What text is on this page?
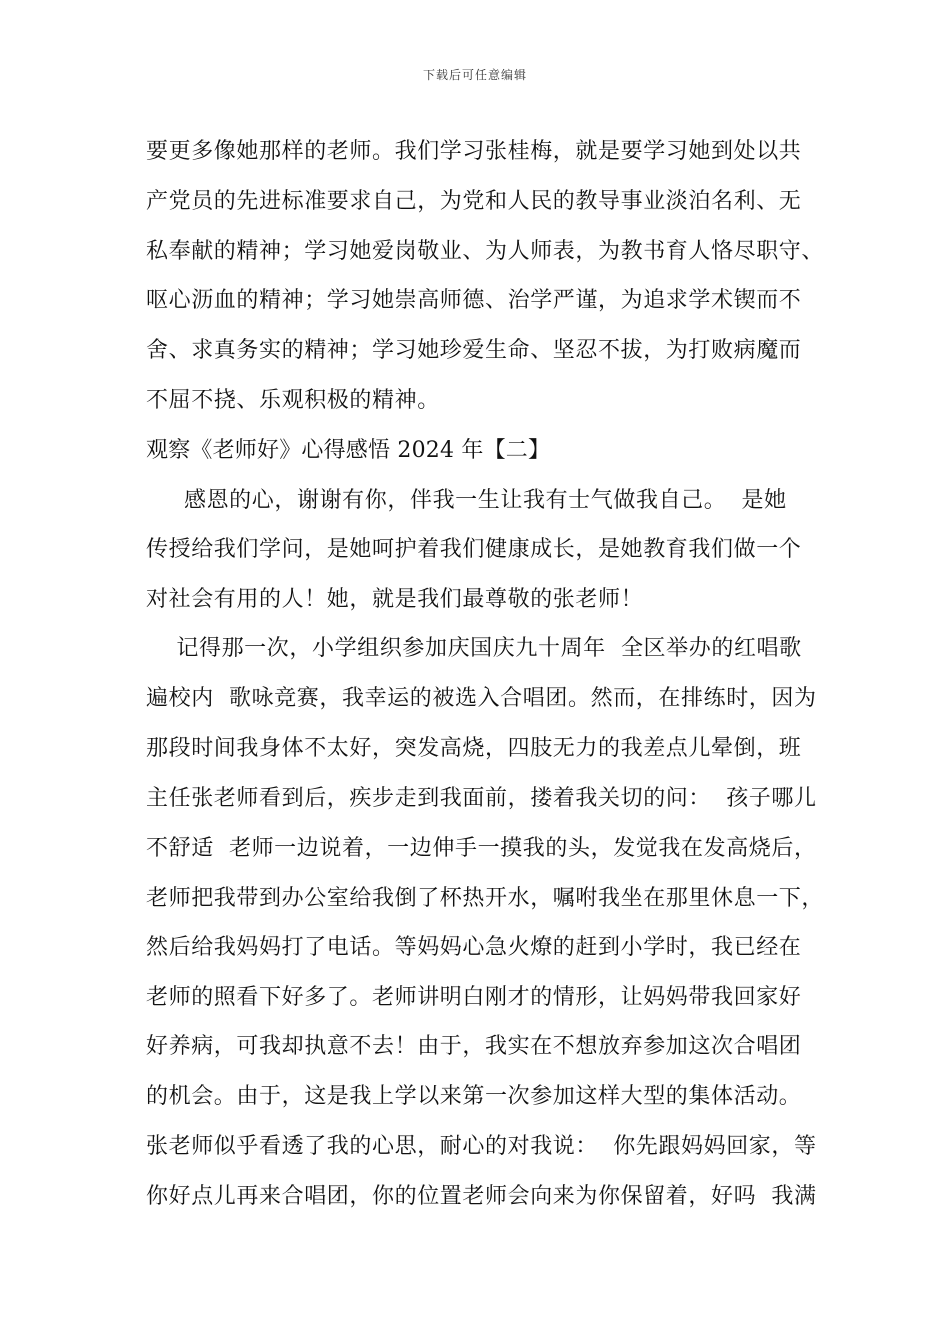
下载后可任意编辑
要更多像她那样的老师。我们学习张桂梅，就是要学习她到处以共
产党员的先进标准要求自己，为党和人民的教导事业淡泊名利、无
私奉献的精神；学习她爱岗敬业、为人师表，为教书育人恪尽职守、
呕心沥血的精神；学习她崇高师德、治学严谨，为追求学术锲而不
舍、求真务实的精神；学习她珍爱生命、坚忍不拔，为打败病魔而
不屈不挠、乐观积极的精神。
观察《老师好》心得感悟 2024 年【二】
感恩的心，谢谢有你，伴我一生让我有士气做我自己。  是她
传授给我们学问，是她呵护着我们健康成长，是她教育我们做一个
对社会有用的人！她，就是我们最尊敬的张老师！
记得那一次，小学组织参加庆国庆九十周年  全区举办的红唱歌
遍校内  歌咏竞赛，我幸运的被选入合唱团。然而，在排练时，因为
那段时间我身体不太好，突发高烧，四肢无力的我差点儿晕倒，班
主任张老师看到后，疾步走到我面前，搂着我关切的问：  孩子哪儿
不舒适  老师一边说着，一边伸手一摸我的头，发觉我在发高烧后，
老师把我带到办公室给我倒了杯热开水，嘱咐我坐在那里休息一下，
然后给我妈妈打了电话。等妈妈心急火燎的赶到小学时，我已经在
老师的照看下好多了。老师讲明白刚才的情形，让妈妈带我回家好
好养病，可我却执意不去！由于，我实在不想放弃参加这次合唱团
的机会。由于，这是我上学以来第一次参加这样大型的集体活动。
张老师似乎看透了我的心思，耐心的对我说：  你先跟妈妈回家，等
你好点儿再来合唱团，你的位置老师会向来为你保留着，好吗  我满
